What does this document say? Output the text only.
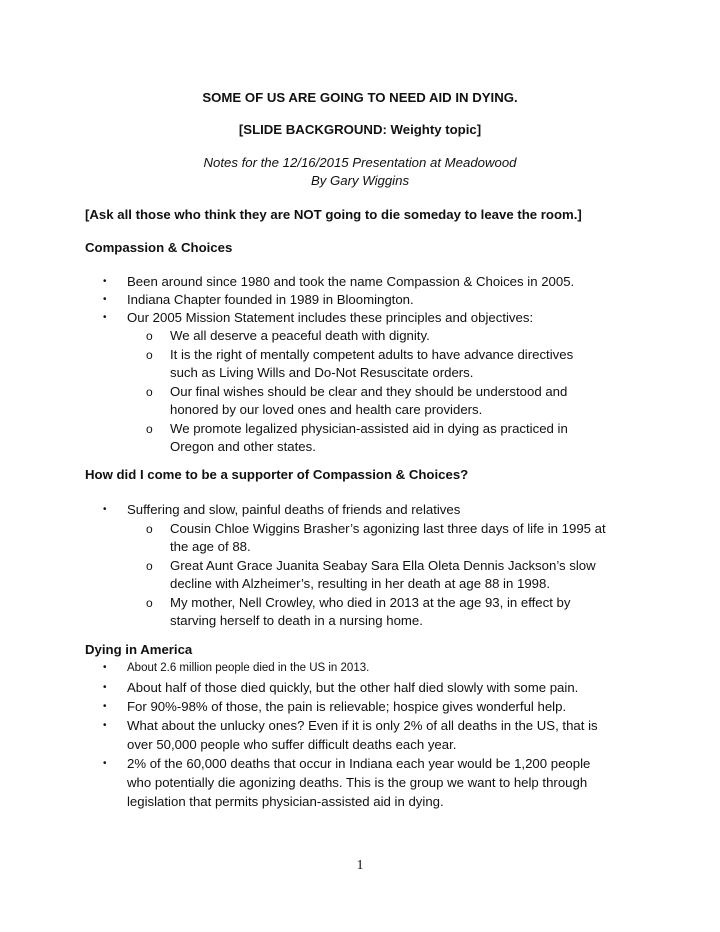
SOME OF US ARE GOING TO NEED AID IN DYING.
[SLIDE BACKGROUND: Weighty topic]
Notes for the 12/16/2015 Presentation at Meadowood
By Gary Wiggins
[Ask all those who think they are NOT going to die someday to leave the room.]
Compassion & Choices
• Been around since 1980 and took the name Compassion & Choices in 2005.
• Indiana Chapter founded in 1989 in Bloomington.
• Our 2005 Mission Statement includes these principles and objectives:
o We all deserve a peaceful death with dignity.
o It is the right of mentally competent adults to have advance directives
such as Living Wills and Do-Not Resuscitate orders.
o Our final wishes should be clear and they should be understood and
honored by our loved ones and health care providers.
o We promote legalized physician-assisted aid in dying as practiced in
Oregon and other states.
How did I come to be a supporter of Compassion & Choices?
• Suffering and slow, painful deaths of friends and relatives
o Cousin Chloe Wiggins Brasher’s agonizing last three days of life in 1995 at
the age of 88.
o Great Aunt Grace Juanita Seabay Sara Ella Oleta Dennis Jackson’s slow
decline with Alzheimer’s, resulting in her death at age 88 in 1998.
o My mother, Nell Crowley, who died in 2013 at the age 93, in effect by
starving herself to death in a nursing home.
Dying in America
• About 2.6 million people died in the US in 2013.
• About half of those died quickly, but the other half died slowly with some pain.
• For 90%-98% of those, the pain is relievable; hospice gives wonderful help.
• What about the unlucky ones? Even if it is only 2% of all deaths in the US, that is
over 50,000 people who suffer difficult deaths each year.
• 2% of the 60,000 deaths that occur in Indiana each year would be 1,200 people
who potentially die agonizing deaths. This is the group we want to help through
legislation that permits physician-assisted aid in dying.
1
